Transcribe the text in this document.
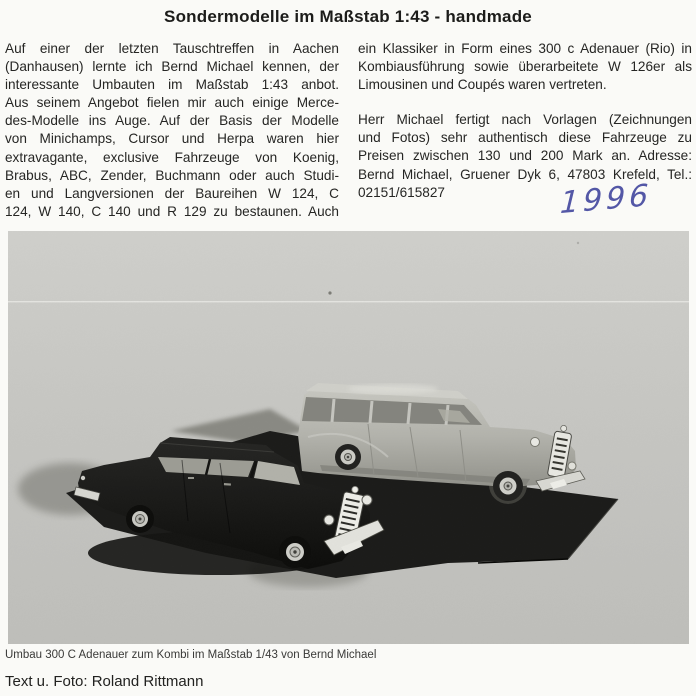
Sondermodelle im Maßstab 1:43 - handmade
Auf einer der letzten Tauschtreffen in Aachen
(Danhausen) lernte ich Bernd Michael kennen, der
interessante Umbauten im Maßstab 1:43 anbot.
Aus seinem Angebot fielen mir auch einige Merce-
des-Modelle ins Auge. Auf der Basis der Modelle
von Minichamps, Cursor und Herpa waren hier
extravagante, exclusive Fahrzeuge von Koenig,
Brabus, ABC, Zender, Buchmann oder auch Studi-
en und Langversionen der Baureihen W 124, C
124, W 140, C 140 und R 129 zu bestaunen. Auch
ein Klassiker in Form eines 300 c Adenauer (Rio) in
Kombiausführung sowie überarbeitete W 126er als
Limousinen und Coupés waren vertreten.
Herr Michael fertigt nach Vorlagen (Zeichnungen
und Fotos) sehr authentisch diese Fahrzeuge zu
Preisen zwischen 130 und 200 Mark an. Adresse:
Bernd Michael, Gruener Dyk 6, 47803 Krefeld, Tel.:
02151/615827	1996
Umbau 300 C Adenauer zum Kombi im Maßstab 1/43 von Bernd Michael
Text u. Foto: Roland Rittmann
